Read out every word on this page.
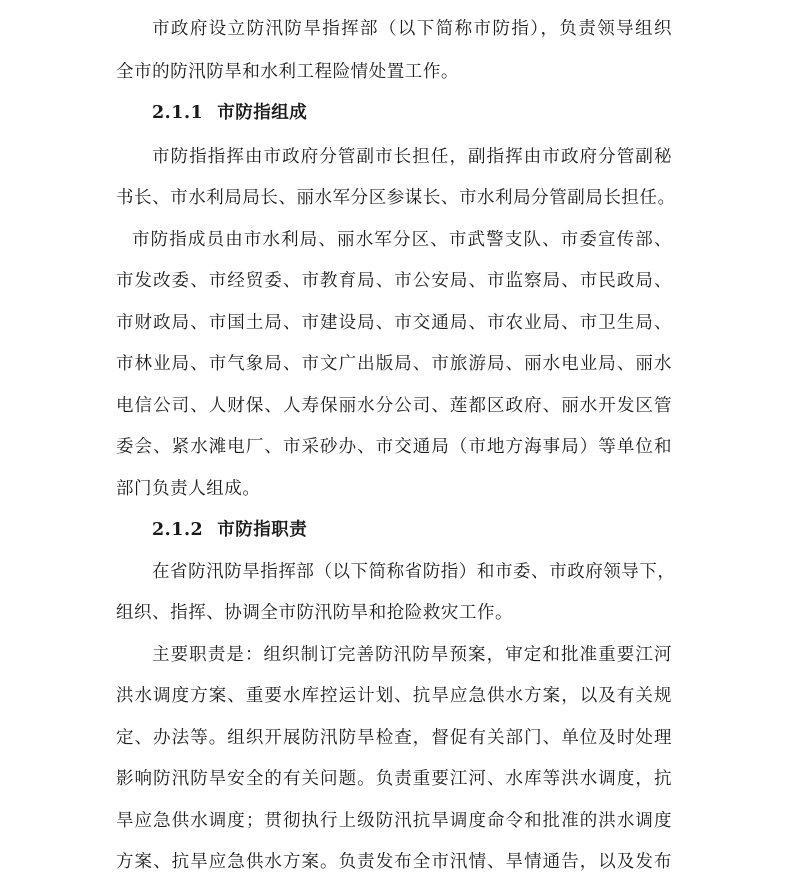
市政府设立防汛防旱指挥部（以下简称市防指），负责领导组织
全市的防汛防旱和水利工程险情处置工作。
2.1.1 市防指组成
市防指指挥由市政府分管副市长担任，副指挥由市政府分管副秘
书长、市水利局局长、丽水军分区参谋长、市水利局分管副局长担任。
市防指成员由市水利局、丽水军分区、市武警支队、市委宣传部、
市发改委、市经贸委、市教育局、市公安局、市监察局、市民政局、
市财政局、市国土局、市建设局、市交通局、市农业局、市卫生局、
市林业局、市气象局、市文广出版局、市旅游局、丽水电业局、丽水
电信公司、人财保、人寿保丽水分公司、莲都区政府、丽水开发区管
委会、紧水滩电厂、市采砂办、市交通局（市地方海事局）等单位和
部门负责人组成。
2.1.2 市防指职责
在省防汛防旱指挥部（以下简称省防指）和市委、市政府领导下，
组织、指挥、协调全市防汛防旱和抢险救灾工作。
主要职责是：组织制订完善防汛防旱预案，审定和批准重要江河
洪水调度方案、重要水库控运计划、抗旱应急供水方案，以及有关规
定、办法等。组织开展防汛防旱检查，督促有关部门、单位及时处理
影响防汛防旱安全的有关问题。负责重要江河、水库等洪水调度，抗
旱应急供水调度；贯彻执行上级防汛抗旱调度命令和批准的洪水调度
方案、抗旱应急供水方案。负责发布全市汛情、旱情通告，以及发布
